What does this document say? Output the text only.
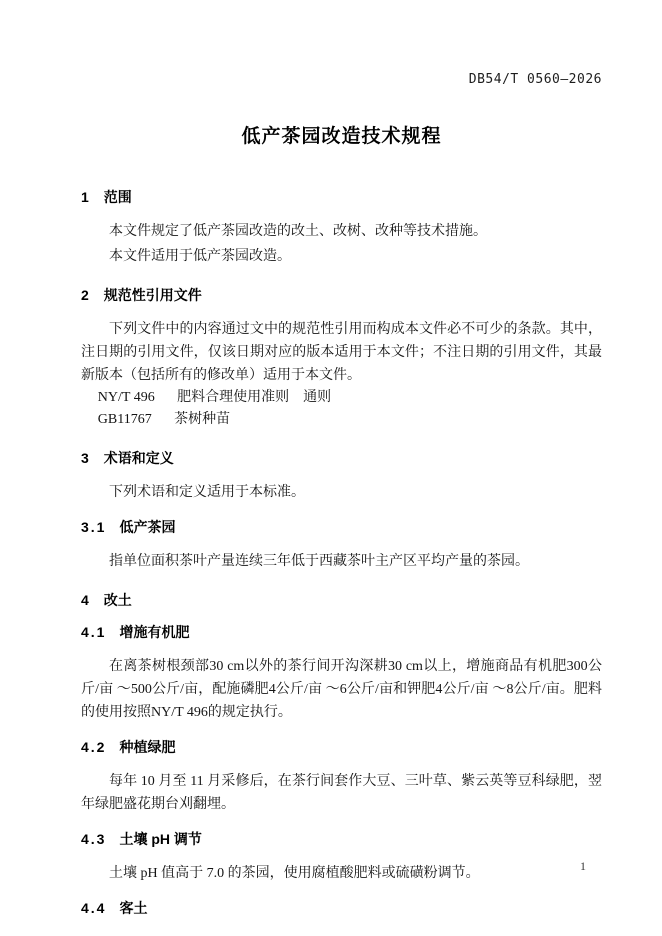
DB54/T 0560—2026
低产茶园改造技术规程
1 范围

本文件规定了低产茶园改造的改土、改树、改种等技术措施。

本文件适用于低产茶园改造。

2 规范性引用文件

下列文件中的内容通过文中的规范性引用而构成本文件必不可少的条款。其中，注日期的引用文件，仅该日期对应的版本适用于本文件；不注日期的引用文件，其最新版本（包括所有的修改单）适用于本文件。

NY/T 496 肥料合理使用准则　通则
GB11767 茶树种苗
3 术语和定义

下列术语和定义适用于本标准。

3.1 低产茶园

指单位面积茶叶产量连续三年低于西藏茶叶主产区平均产量的茶园。

4 改土
4.1 增施有机肥

在离茶树根颈部30 cm以外的茶行间开沟深耕30 cm以上，增施商品有机肥300公斤/亩 ～500公斤/亩，配施磷肥4公斤/亩 ～6公斤/亩和钾肥4公斤/亩 ～8公斤/亩。肥料的使用按照NY/T 496的规定执行。

4.2 种植绿肥

每年 10 月至 11 月采修后，在茶行间套作大豆、三叶草、紫云英等豆科绿肥，翌年绿肥盛花期台刈翻埋。

4.3 土壤 pH 调节

土壤 pH 值高于 7.0 的茶园，使用腐植酸肥料或硫磺粉调节。

4.4 客土
1
